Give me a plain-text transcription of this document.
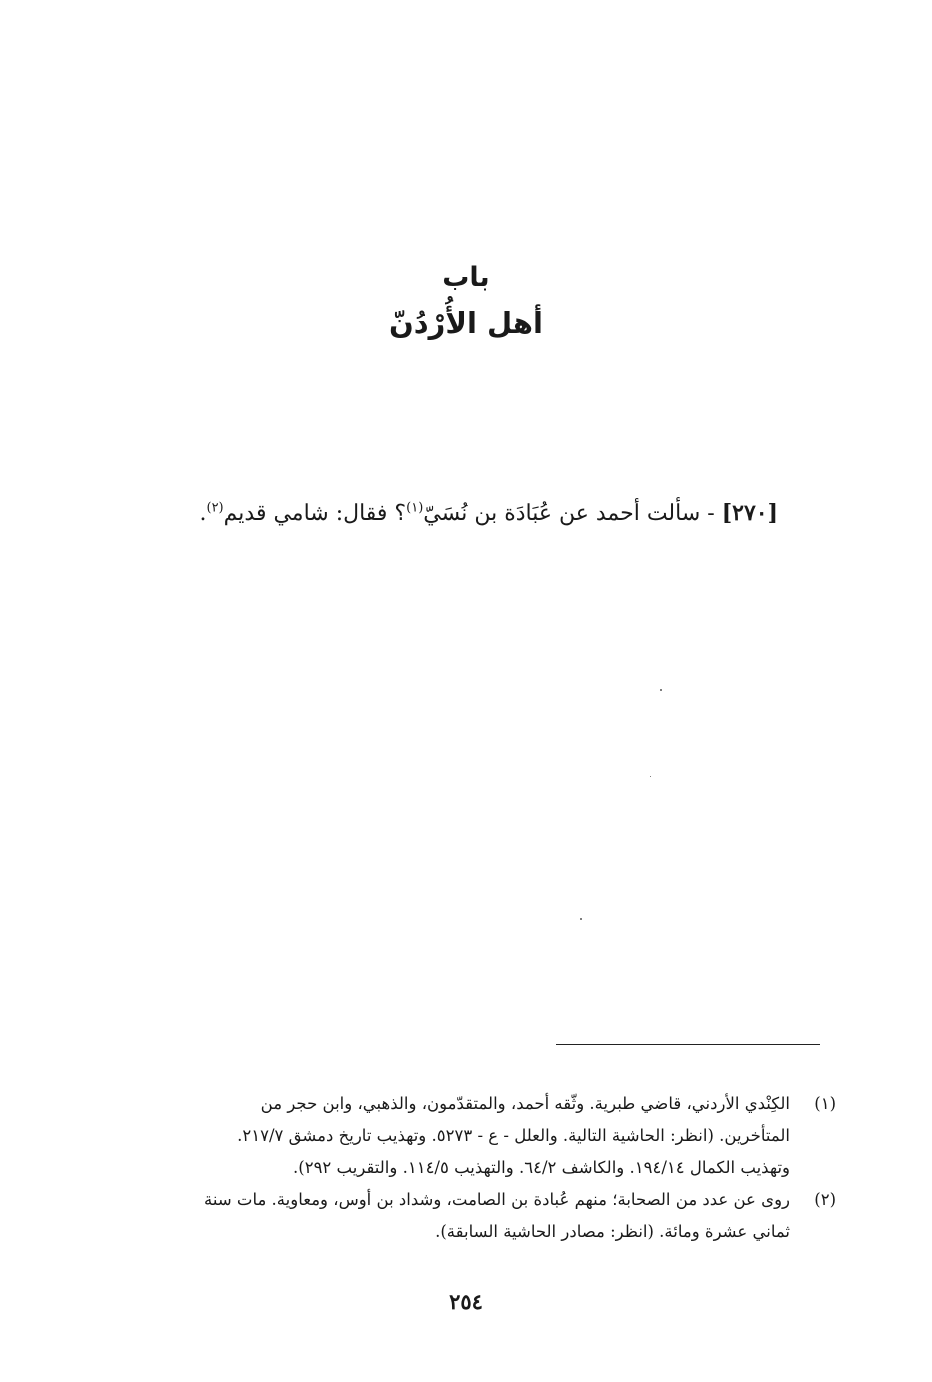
باب
أهل الأُرْدُنّ
[٢٧٠] - سألت أحمد عن عُبَادَة بن نُسَيّ$^{(١)}$؟ فقال: شامي قديم$^{(٢)}$.
(١)
الكِنْدي الأردني، قاضي طبرية. وثّقه أحمد، والمتقدّمون، والذهبي، وابن حجر من
المتأخرين. (انظر: الحاشية التالية. والعلل - ع - ٥٢٧٣. وتهذيب تاريخ دمشق ٢١٧/٧.
وتهذيب الكمال ١٩٤/١٤. والكاشف ٦٤/٢. والتهذيب ١١٤/٥. والتقريب ٢٩٢).
(٢)
روى عن عدد من الصحابة؛ منهم عُبادة بن الصامت، وشداد بن أوس، ومعاوية. مات سنة
ثماني عشرة ومائة. (انظر: مصادر الحاشية السابقة).
٢٥٤
